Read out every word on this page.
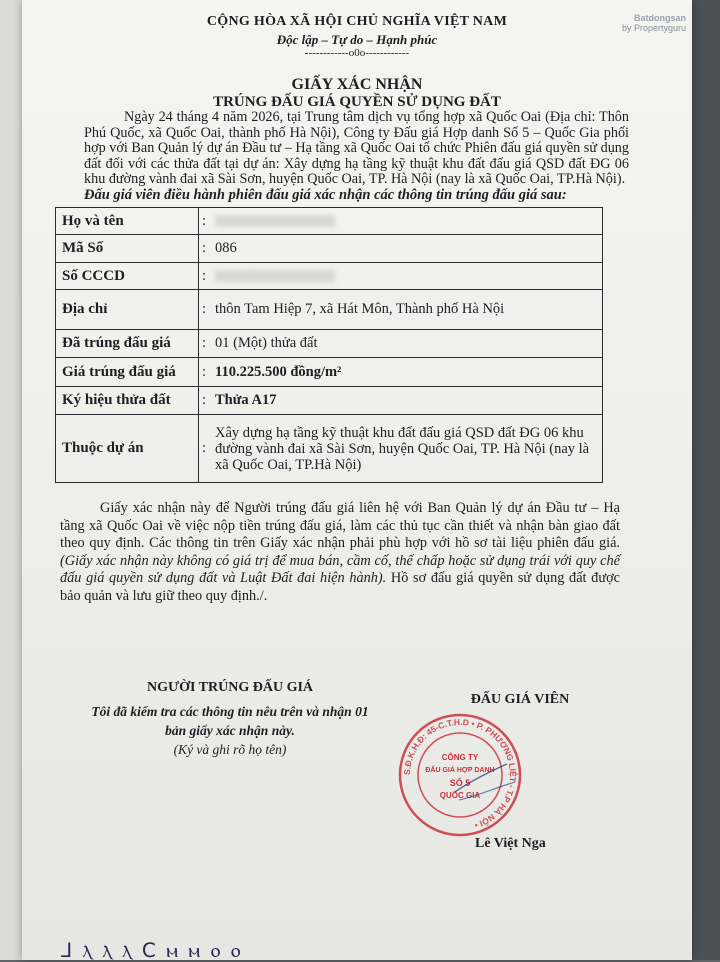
Batdongsan
by Propertyguru
CỘNG HÒA XÃ HỘI CHỦ NGHĨA VIỆT NAM
Độc lập – Tự do – Hạnh phúc
------------o0o------------
GIẤY XÁC NHẬN
TRÚNG ĐẤU GIÁ QUYỀN SỬ DỤNG ĐẤT
Ngày 24 tháng 4 năm 2026, tại Trung tâm dịch vụ tổng hợp xã Quốc Oai (Địa chỉ: Thôn Phú Quốc, xã Quốc Oai, thành phố Hà Nội), Công ty Đấu giá Hợp danh Số 5 – Quốc Gia phối hợp với Ban Quản lý dự án Đầu tư – Hạ tầng xã Quốc Oai tổ chức Phiên đấu giá quyền sử dụng đất đối với các thửa đất tại dự án: Xây dựng hạ tầng kỹ thuật khu đất đấu giá QSD đất ĐG 06 khu đường vành đai xã Sài Sơn, huyện Quốc Oai, TP. Hà Nội (nay là xã Quốc Oai, TP.Hà Nội).
Đấu giá viên điều hành phiên đấu giá xác nhận các thông tin trúng đấu giá sau:
Họ và tên	:	
Mã Số	:	086
Số CCCD	:	
Địa chỉ	:	thôn Tam Hiệp 7, xã Hát Môn, Thành phố Hà Nội
Đã trúng đấu giá	:	01 (Một) thửa đất
Giá trúng đấu giá	:	110.225.500 đồng/m²
Ký hiệu thửa đất	:	Thửa A17
Thuộc dự án	:	Xây dựng hạ tầng kỹ thuật khu đất đấu giá QSD đất ĐG 06 khu đường vành đai xã Sài Sơn, huyện Quốc Oai, TP. Hà Nội (nay là xã Quốc Oai, TP.Hà Nội)
Giấy xác nhận này để Người trúng đấu giá liên hệ với Ban Quản lý dự án Đầu tư – Hạ tầng xã Quốc Oai về việc nộp tiền trúng đấu giá, làm các thủ tục cần thiết và nhận bàn giao đất theo quy định. Các thông tin trên Giấy xác nhận phải phù hợp với hồ sơ tài liệu phiên đấu giá. (Giấy xác nhận này không có giá trị để mua bán, cầm cố, thế chấp hoặc sử dụng trái với quy chế đấu giá quyền sử dụng đất và Luật Đất đai hiện hành). Hồ sơ đấu giá quyền sử dụng đất được bảo quản và lưu giữ theo quy định./.
NGƯỜI TRÚNG ĐẤU GIÁ
Tôi đã kiểm tra các thông tin nêu trên và nhận 01 bản giấy xác nhận này.
(Ký và ghi rõ họ tên)
ĐẤU GIÁ VIÊN
S.Đ.K.H.Đ: 45-C.T.H.D • P. PHƯƠNG LIỆT - T.P HÀ NỘI •
CÔNG TY
ĐẤU GIÁ HỢP DANH
SỐ 5
QUỐC GIA
Lê Việt Nga
ᒧ ⲗ ⲗ ⲗ ꓚ ⲙ ⲙ ⲟ ⲟ
